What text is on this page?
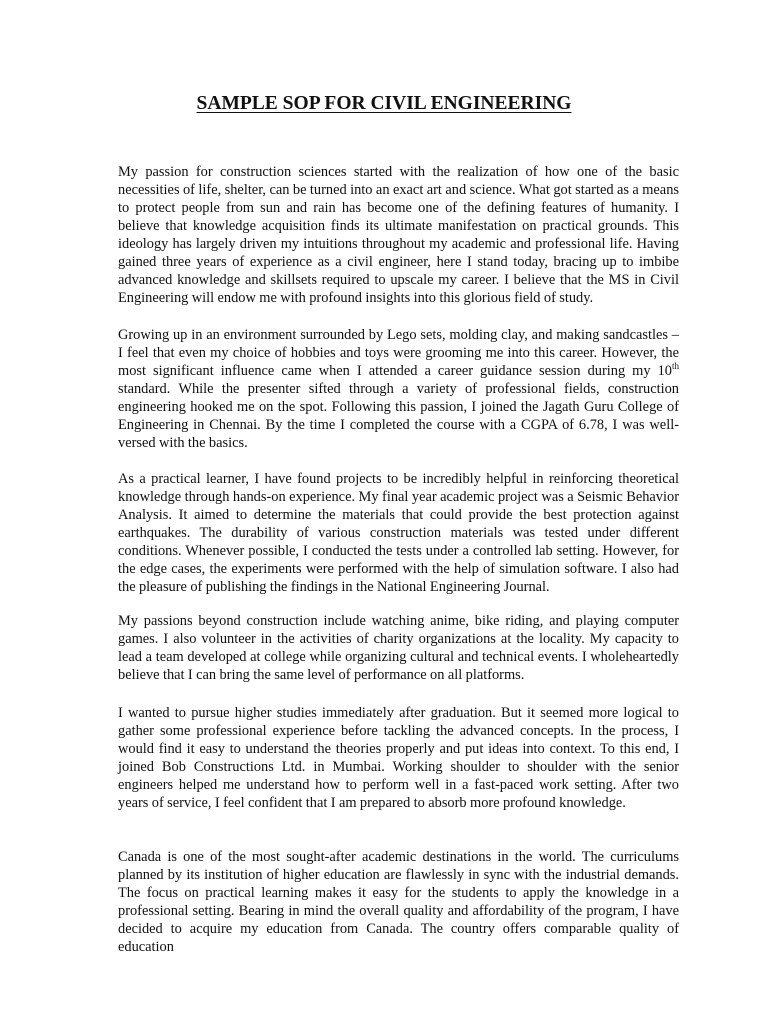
SAMPLE SOP FOR CIVIL ENGINEERING

My passion for construction sciences started with the realization of how one of the basic necessities of life, shelter, can be turned into an exact art and science. What got started as a means to protect people from sun and rain has become one of the defining features of humanity. I believe that knowledge acquisition finds its ultimate manifestation on practical grounds. This ideology has largely driven my intuitions throughout my academic and professional life. Having gained three years of experience as a civil engineer, here I stand today, bracing up to imbibe advanced knowledge and skillsets required to upscale my career. I believe that the MS in Civil Engineering will endow me with profound insights into this glorious field of study.

Growing up in an environment surrounded by Lego sets, molding clay, and making sandcastles – I feel that even my choice of hobbies and toys were grooming me into this career. However, the most significant influence came when I attended a career guidance session during my 10th standard. While the presenter sifted through a variety of professional fields, construction engineering hooked me on the spot. Following this passion, I joined the Jagath Guru College of Engineering in Chennai. By the time I completed the course with a CGPA of 6.78, I was well-versed with the basics.

As a practical learner, I have found projects to be incredibly helpful in reinforcing theoretical knowledge through hands-on experience. My final year academic project was a Seismic Behavior Analysis. It aimed to determine the materials that could provide the best protection against earthquakes. The durability of various construction materials was tested under different conditions. Whenever possible, I conducted the tests under a controlled lab setting. However, for the edge cases, the experiments were performed with the help of simulation software. I also had the pleasure of publishing the findings in the National Engineering Journal.

My passions beyond construction include watching anime, bike riding, and playing computer games. I also volunteer in the activities of charity organizations at the locality. My capacity to lead a team developed at college while organizing cultural and technical events. I wholeheartedly believe that I can bring the same level of performance on all platforms.

I wanted to pursue higher studies immediately after graduation. But it seemed more logical to gather some professional experience before tackling the advanced concepts. In the process, I would find it easy to understand the theories properly and put ideas into context. To this end, I joined Bob Constructions Ltd. in Mumbai. Working shoulder to shoulder with the senior engineers helped me understand how to perform well in a fast-paced work setting. After two years of service, I feel confident that I am prepared to absorb more profound knowledge.

Canada is one of the most sought-after academic destinations in the world. The curriculums planned by its institution of higher education are flawlessly in sync with the industrial demands. The focus on practical learning makes it easy for the students to apply the knowledge in a professional setting. Bearing in mind the overall quality and affordability of the program, I have decided to acquire my education from Canada. The country offers comparable quality of education
